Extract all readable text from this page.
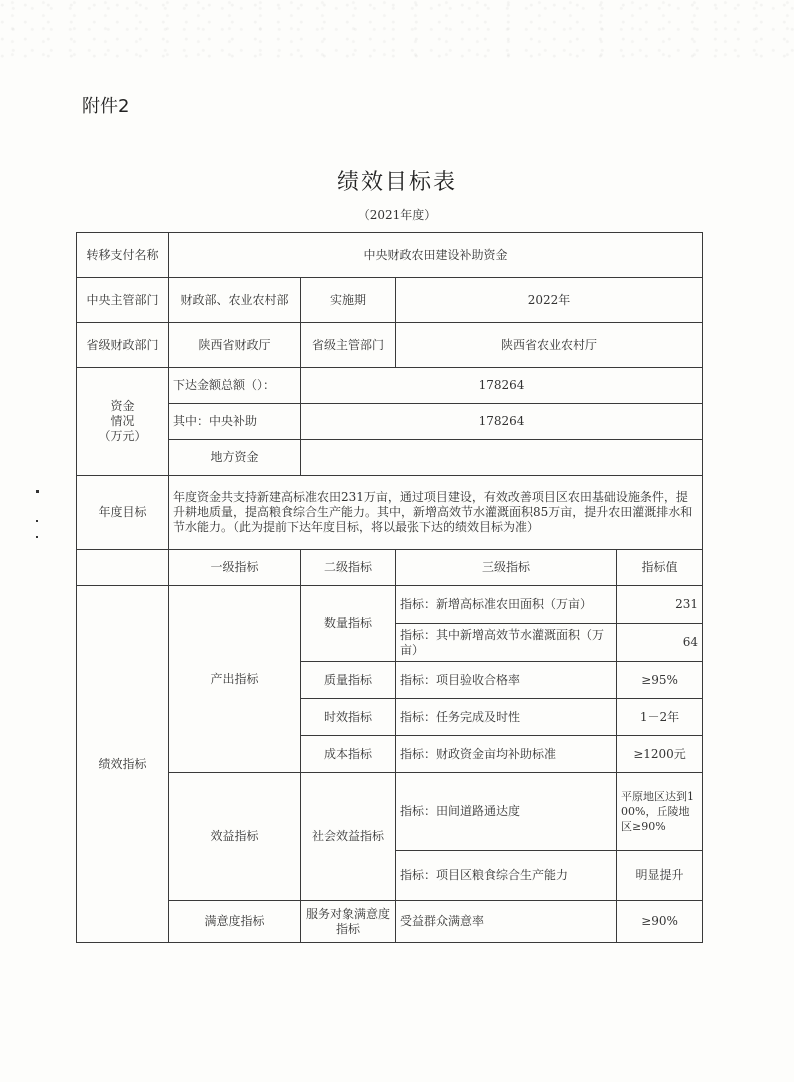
附件2
绩效目标表
（2021年度）
转移支付名称	中央财政农田建设补助资金			
中央主管部门	财政部、农业农村部	实施期	2022年	
省级财政部门	陕西省财政厅	省级主管部门	陕西省农业农村厅	
资金
情况
（万元）	下达金额总额（）：	178264		
	其中：中央补助	178264		
	地方资金			
年度目标	年度资金共支持新建高标准农田231万亩，通过项目建设，有效改善项目区农田基础设施条件，提升耕地质量，提高粮食综合生产能力。其中，新增高效节水灌溉面积85万亩，提升农田灌溉排水和节水能力。（此为提前下达年度目标，将以最张下达的绩效目标为准）			
	一级指标	二级指标	三级指标	指标值
绩效指标	产出指标	数量指标	指标：新增高标准农田面积（万亩）	231
			指标：其中新增高效节水灌溉面积（万亩）	64
		质量指标	指标：项目验收合格率	≥95%
		时效指标	指标：任务完成及时性	1－2年
		成本指标	指标：财政资金亩均补助标准	≥1200元
	效益指标	社会效益指标	指标：田间道路通达度	平原地区达到100%，丘陵地区≥90%
			指标：项目区粮食综合生产能力	明显提升
	满意度指标	服务对象满意度指标	受益群众满意率	≥90%
